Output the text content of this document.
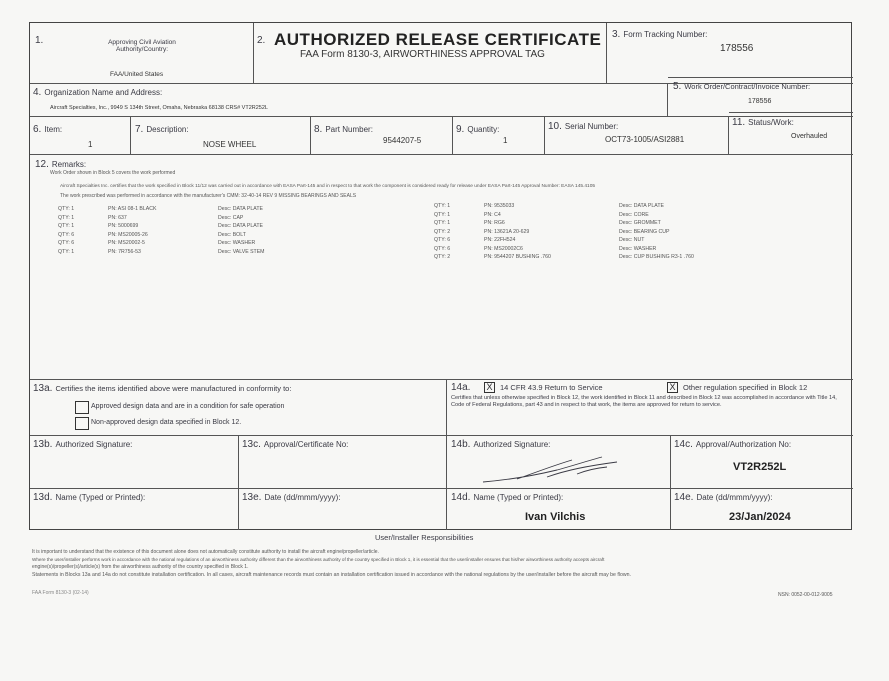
1.	Approving Civil Aviation Authority/Country:
FAA/United States
2. AUTHORIZED RELEASE CERTIFICATE
FAA Form 8130-3, AIRWORTHINESS APPROVAL TAG
3. Form Tracking Number:
178556
4. Organization Name and Address:
Aircraft Specialties, Inc., 9949 S 134th Street, Omaha, Nebraska 68138 CRS# VT2R252L
5. Work Order/Contract/Invoice Number:
178556
6. Item:
1
7. Description:
NOSE WHEEL
8. Part Number:
9544207-5
9. Quantity:
1
10. Serial Number:
OCT73-1005/ASI2881
11. Status/Work:
Overhauled
12. Remarks:
Work Order shown in Block 5 covers the work performed
Aircraft Specialties Inc. certifies that the work specified in Block 11/12 was carried out in accordance with EASA Part-145 and in respect to that work the component is considered ready for release under EASA Part-145 Approval Number: EASA 145.4105
The work prescribed was performed in accordance with the manufacturer's CMM: 32-40-14 REV 9 MISSING BEARINGS AND SEALS
QTY: 1	PN: ASI 08-1 BLACK	Desc: DATA PLATE
QTY: 1	PN: 637	Desc: CAP
QTY: 1	PN: 5000699	Desc: DATA PLATE
QTY: 6	PN: MS20005-26	Desc: BOLT
QTY: 6	PN: MS20002-5	Desc: WASHER
QTY: 1	PN: 7R756-53	Desc: VALVE STEM
QTY: 1	PN: 9535033	Desc: DATA PLATE
QTY: 1	PN: C4	Desc: CORE
QTY: 1	PN: RG6	Desc: GROMMET
QTY: 2	PN: 13621A 20-629	Desc: BEARING CUP
QTY: 6	PN: 22FH524	Desc: NUT
QTY: 6	PN: MS20002C6	Desc: WASHER
QTY: 2	PN: 9544207 BUSHING .760	Desc: CUP BUSHING R3-1 .760
13a. Certifies the items identified above were manufactured in conformity to:
Approved design data and are in a condition for safe operation
Non-approved design data specified in Block 12.
14a.	X	14 CFR 43.9 Return to Service	X	Other regulation specified in Block 12
Certifies that unless otherwise specified in Block 12, the work identified in Block 11 and described in Block 12 was accomplished in accordance with Title 14, Code of Federal Regulations, part 43 and in respect to that work, the items are approved for return to service.
13b. Authorized Signature:	13c. Approval/Certificate No:	14b. Authorized Signature:	14c. Approval/Authorization No:
VT2R252L
13d. Name (Typed or Printed):	13e. Date (dd/mmm/yyyy):	14d. Name (Typed or Printed):
Ivan Vilchis
14e. Date (dd/mmm/yyyy):
23/Jan/2024
User/Installer Responsibilities
It is important to understand that the existence of this document alone does not automatically constitute authority to install the aircraft engine/propeller/article.
Where the user/installer performs work in accordance with the national regulations of an airworthiness authority different than the airworthiness authority of the country specified in Block 1, it is essential that the user/installer ensures that his/her airworthiness authority accepts aircraft
engine(s)/propeller(s)/article(s) from the airworthiness authority of the country specified in Block 1.
Statements in Blocks 13a and 14a do not constitute installation certification. In all cases, aircraft maintenance records must contain an installation certification issued in accordance with the national regulations by the user/installer before the aircraft may be flown.
FAA Form 8130-3 (02-14)	NSN: 0052-00-012-9005
